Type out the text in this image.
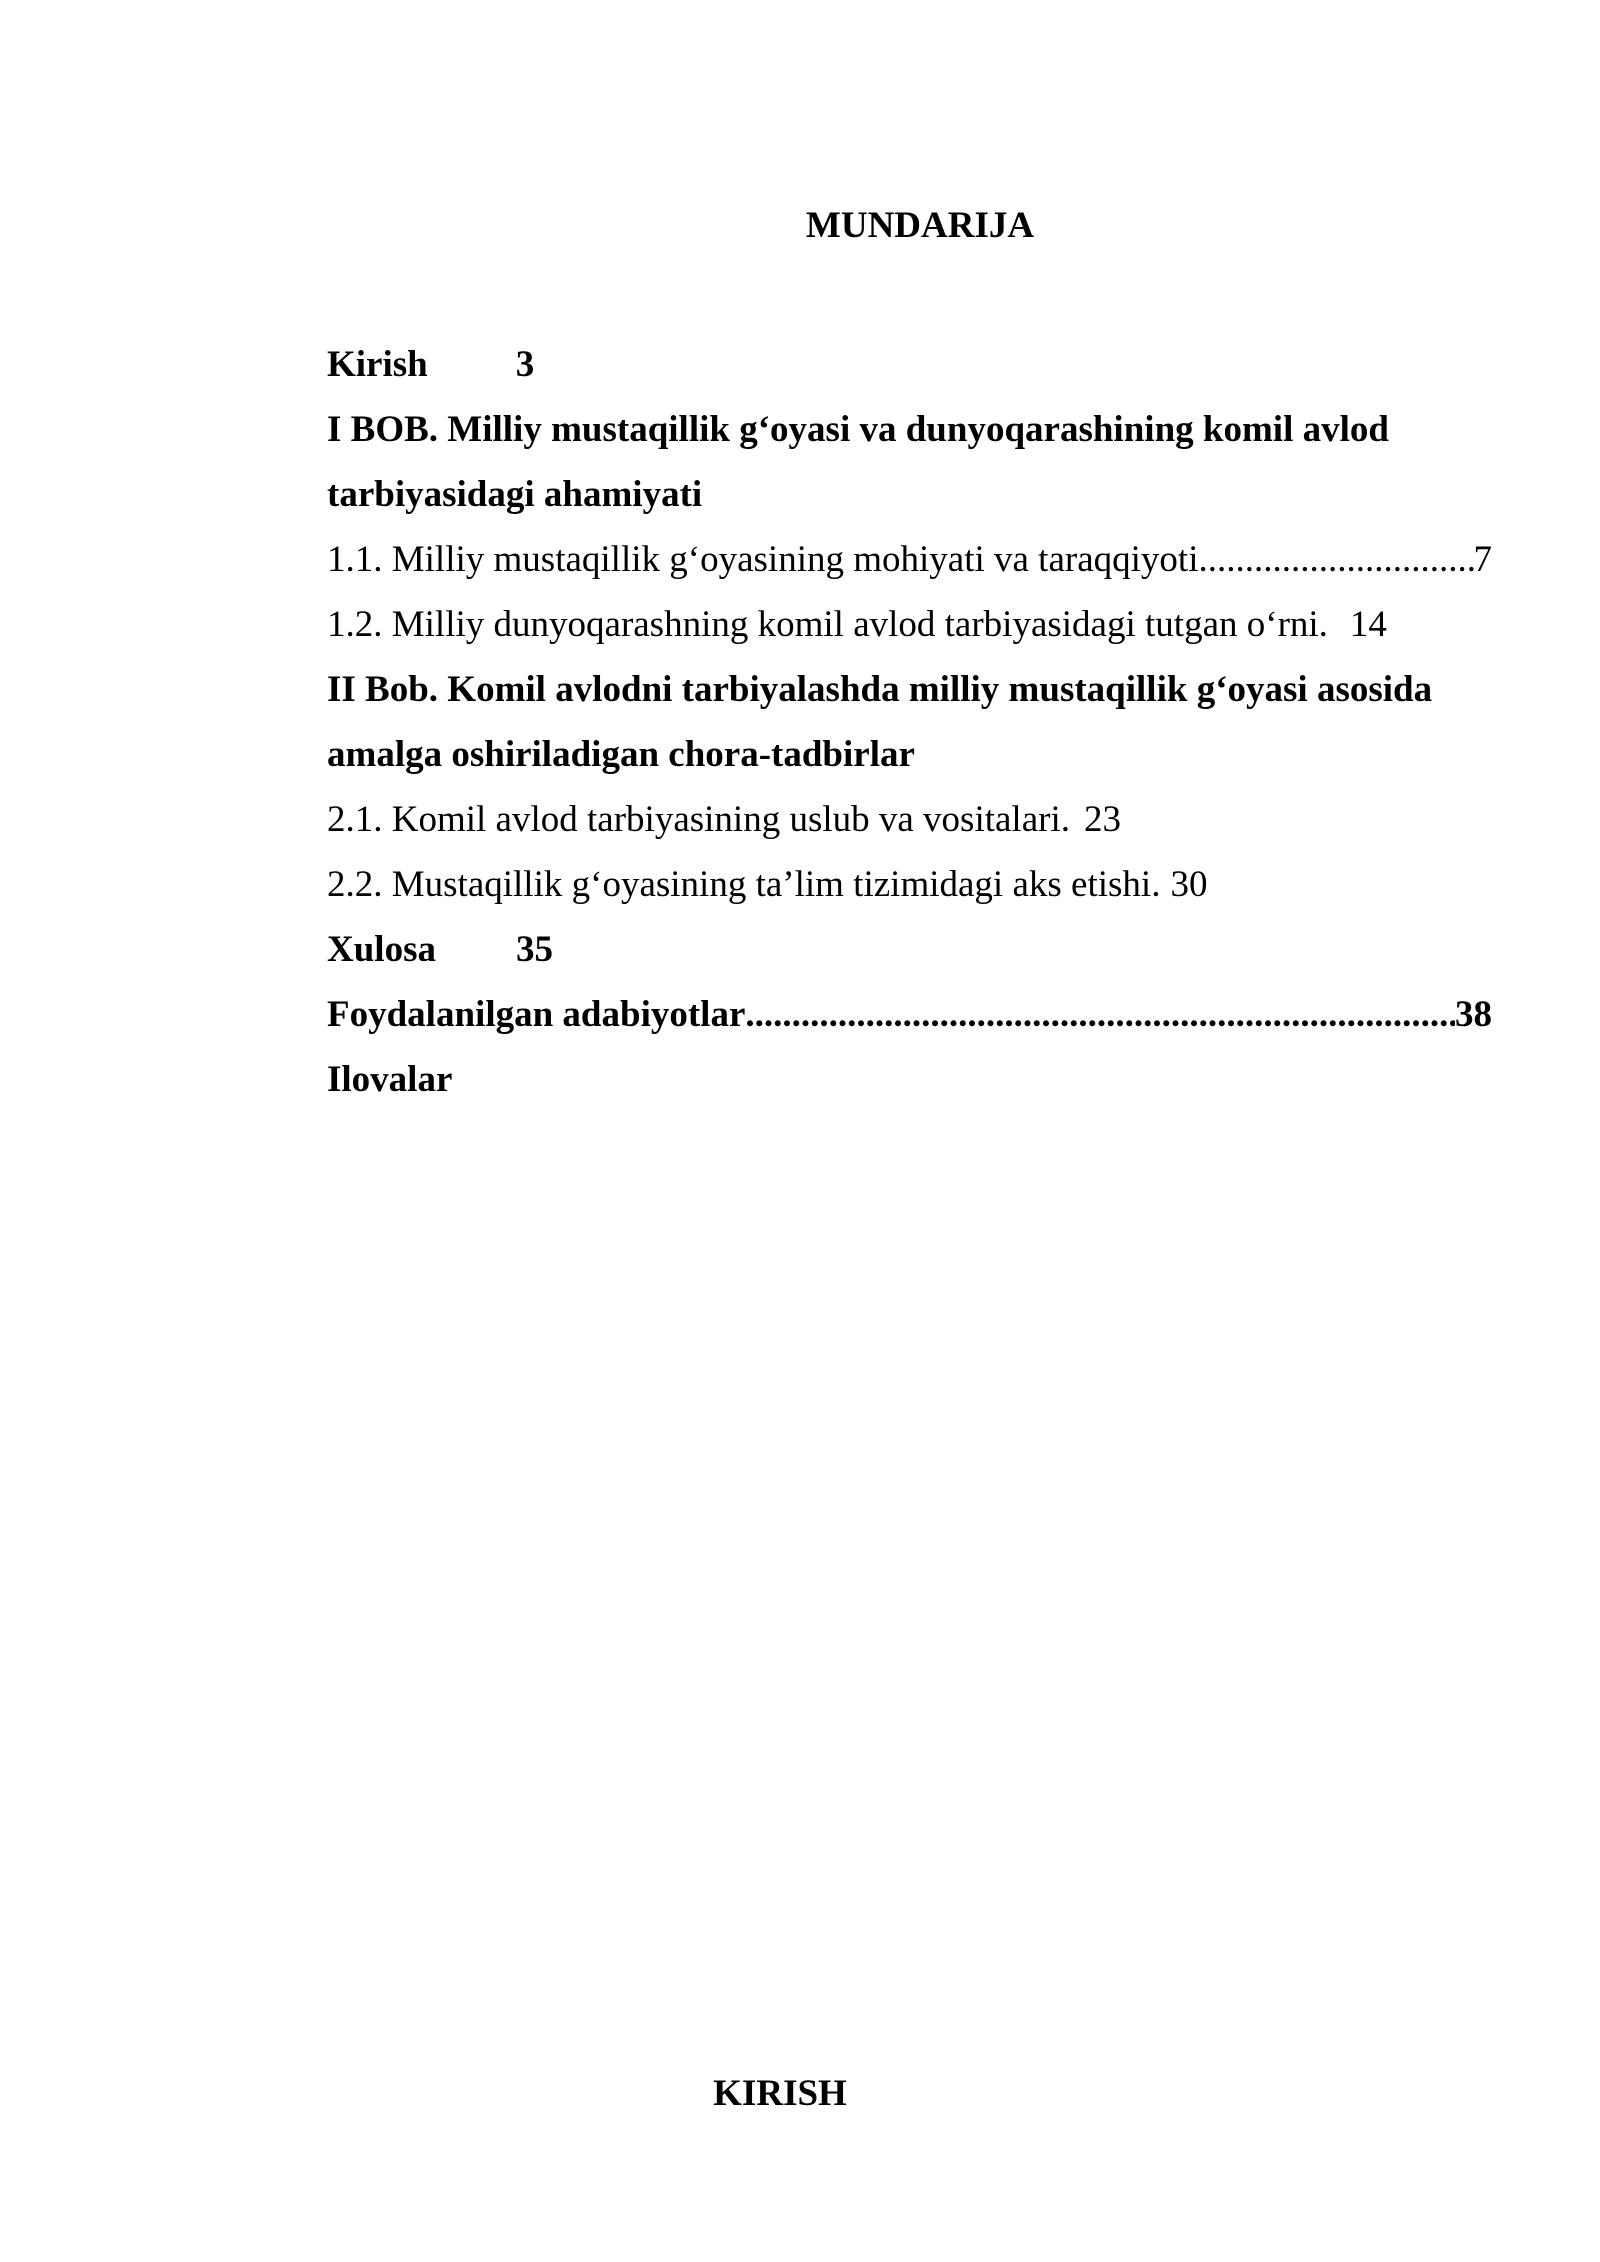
MUNDARIJA
Kirish 3
I BOB. Milliy mustaqillik g‘oyasi va dunyoqarashining komil avlod
tarbiyasidagi ahamiyati
1.1. Milliy mustaqillik g‘oyasining mohiyati va taraqqiyoti .....	7
1.2. Milliy dunyoqarashning komil avlod tarbiyasidagi tutgan o‘rni. 14
II Bob. Komil avlodni tarbiyalashda milliy mustaqillik g‘oyasi asosida
amalga oshiriladigan chora-tadbirlar
2.1. Komil avlod tarbiyasining uslub va vositalari. 23
2.2. Mustaqillik g‘oyasining ta’lim tizimidagi aks etishi. 30
Xulosa 35
Foydalanilgan adabiyotlar .....	38
Ilovalar
KIRISH
